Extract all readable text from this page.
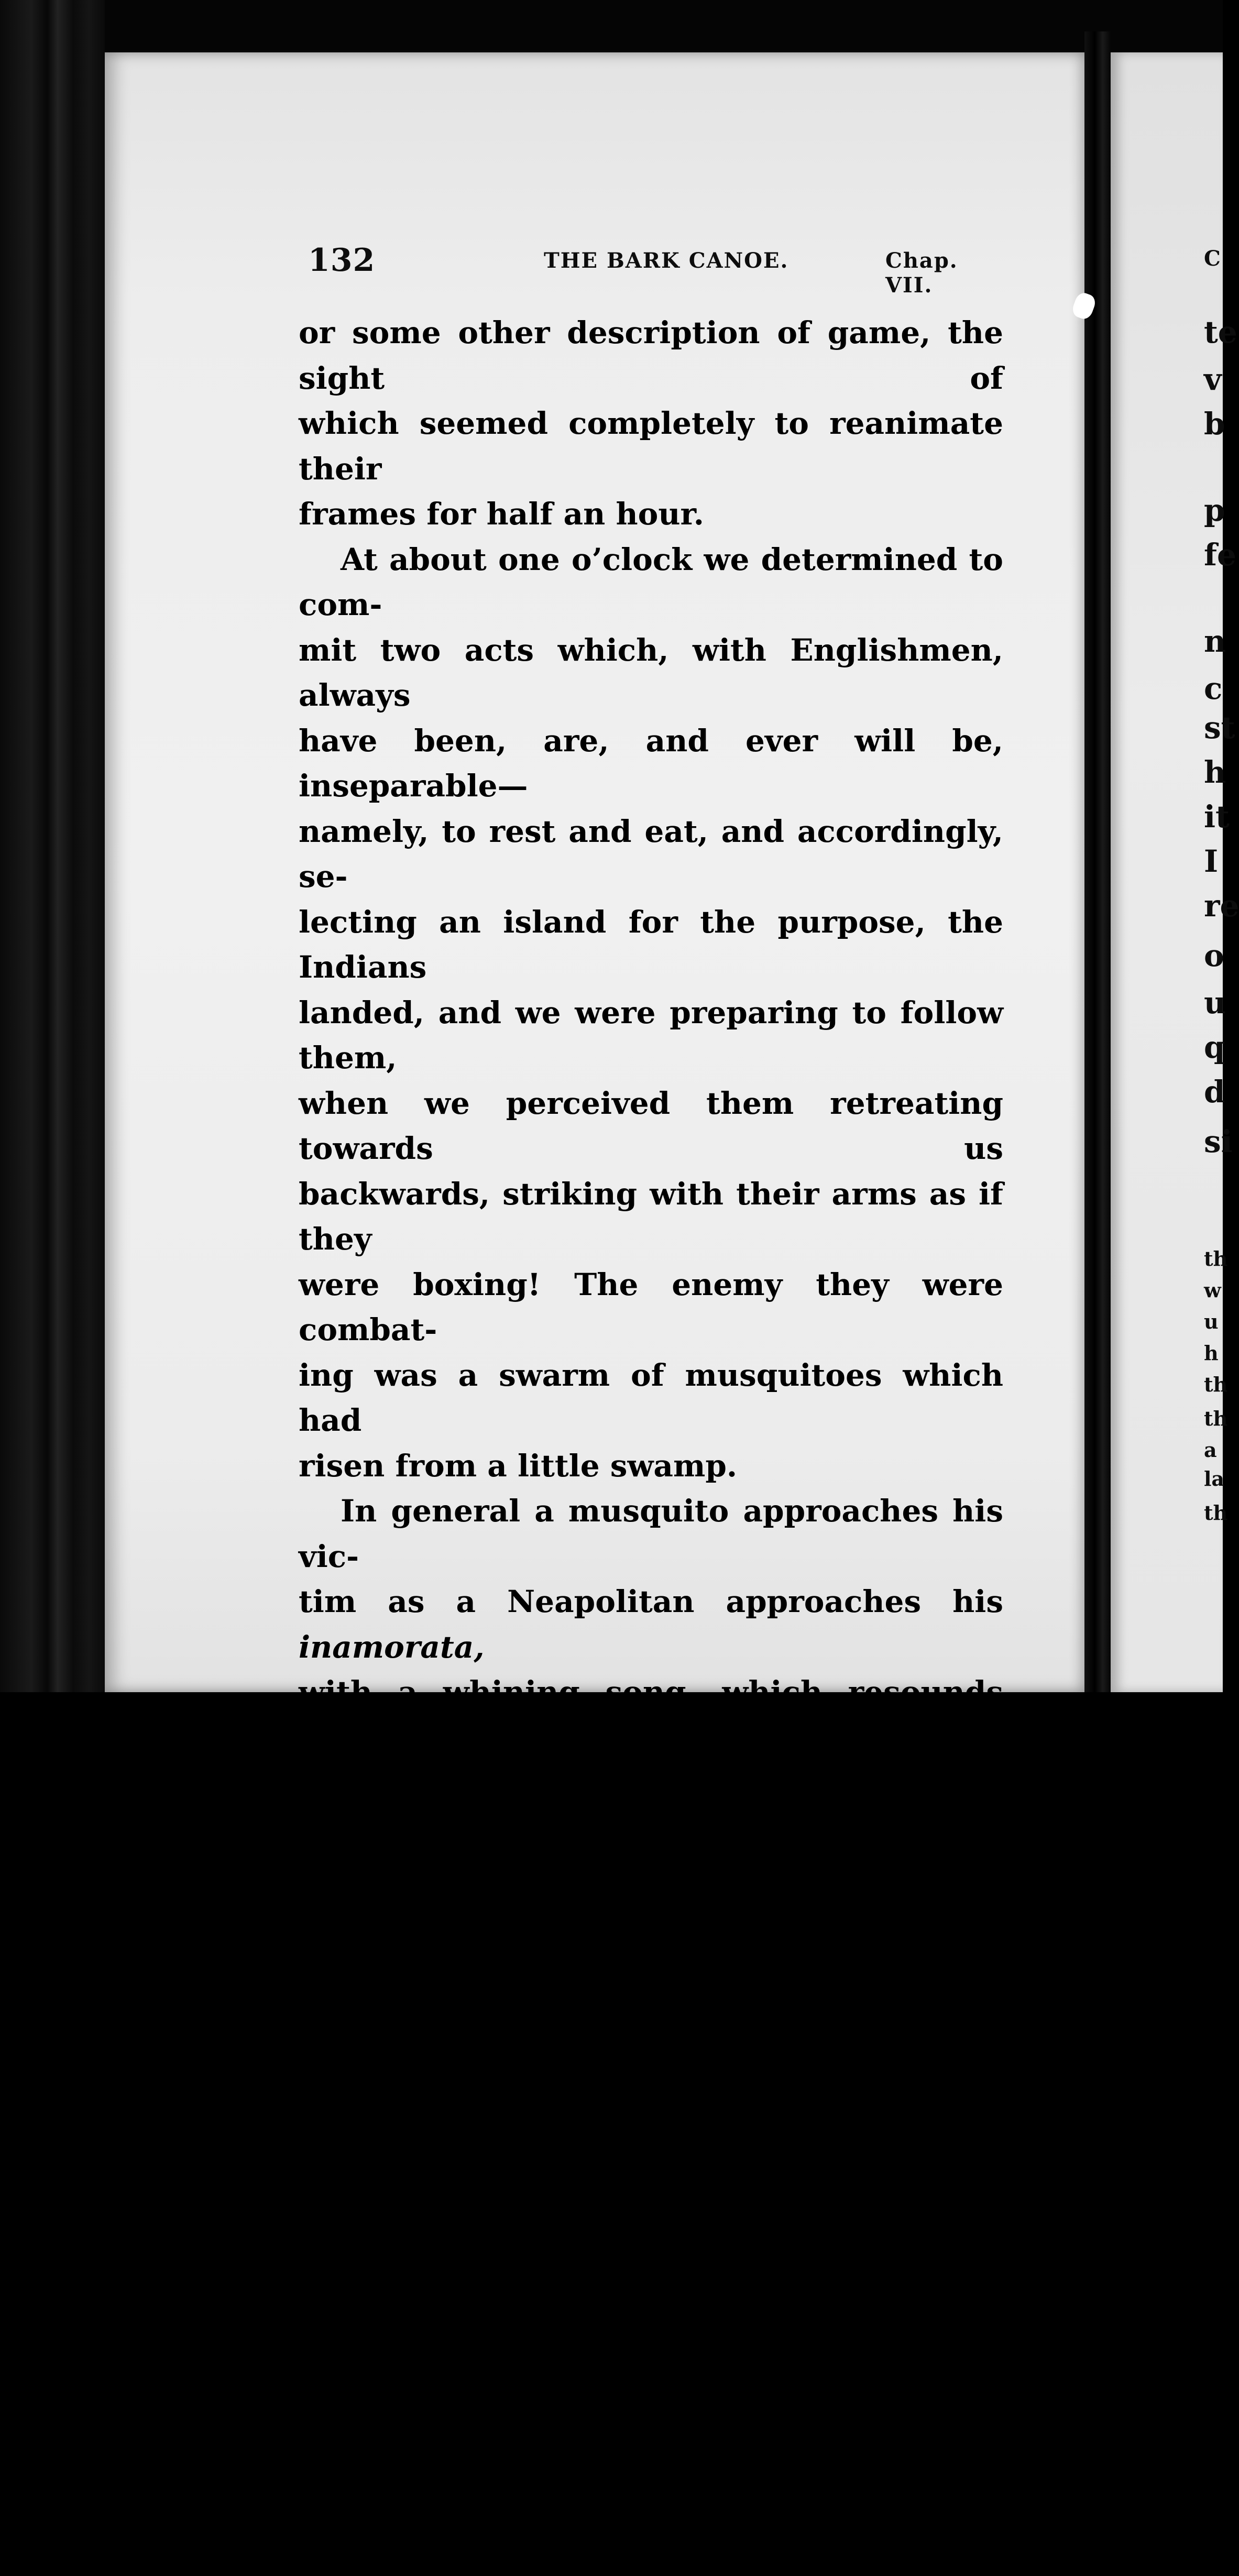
132	THE BARK CANOE.	Chap. VII.
or some other description of game, the sight of
which seemed completely to reanimate their
frames for half an hour.
At about one o’clock we determined to com-
mit two acts which, with Englishmen, always
have been, are, and ever will be, inseparable—
namely, to rest and eat, and accordingly, se-
lecting an island for the purpose, the Indians
landed, and we were preparing to follow them,
when we perceived them retreating towards us
backwards, striking with their arms as if they
were boxing! The enemy they were combat-
ing was a swarm of musquitoes which had
risen from a little swamp.
In general a musquito approaches his vic-
tim as a Neapolitan approaches his inamorata,
with a whining song, which resounds some-
times near one ear, and sometimes near the
other, until the capricious, timid, dainty little
creature has determined on the exact spot on
which he will alight; but the musquitoes
which assailed our Indians, and which, as it
were by the point of the bayonet, triumphantly
drove us from the island, flew at us straight as
bull-dogs, or as arrows from a bow: indeed, it
evidently mattered not to them whether our
faces were red, white, yellow, young, old,
C
te
v
b
p
fe
n
c
st
h
it
I
re
o
u
q
d
si
th
w
u
h
th
th
a
la
th
